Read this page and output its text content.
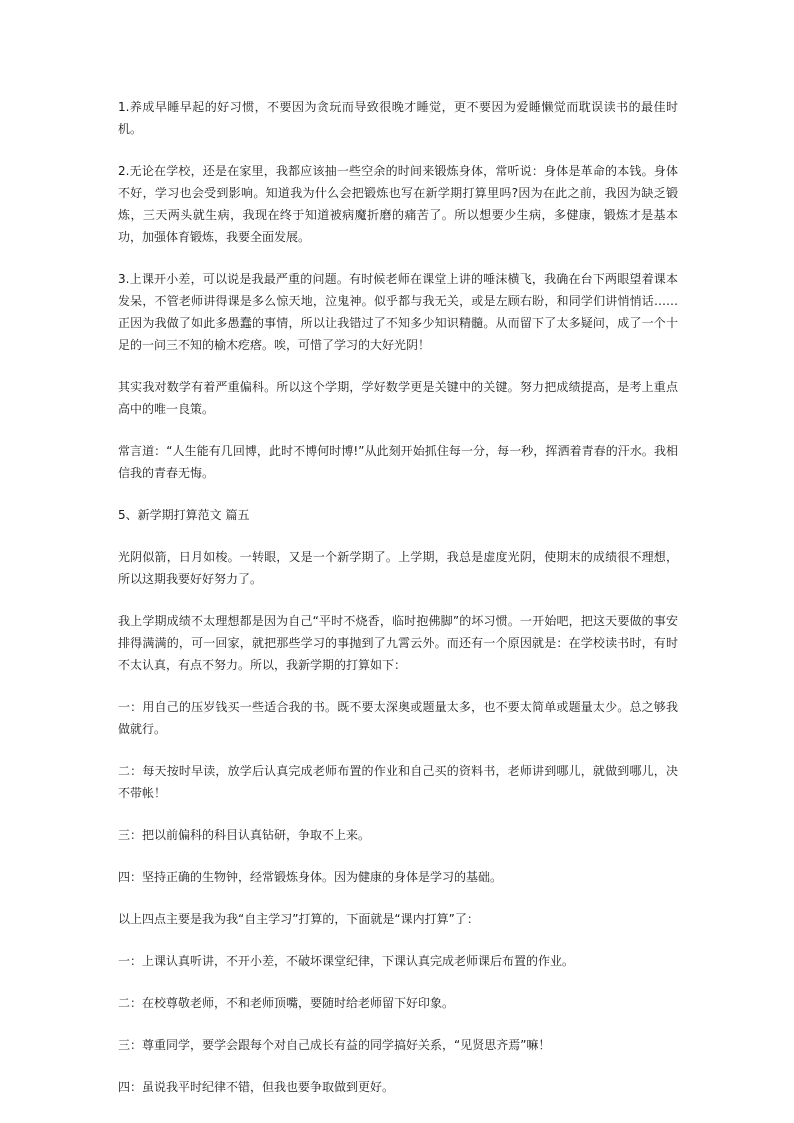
1.养成早睡早起的好习惯，不要因为贪玩而导致很晚才睡觉，更不要因为爱睡懒觉而耽误读书的最佳时机。

2.无论在学校，还是在家里，我都应该抽一些空余的时间来锻炼身体，常听说：身体是革命的本钱。身体不好，学习也会受到影响。知道我为什么会把锻炼也写在新学期打算里吗?因为在此之前，我因为缺乏锻炼，三天两头就生病，我现在终于知道被病魔折磨的痛苦了。所以想要少生病，多健康，锻炼才是基本功，加强体育锻炼，我要全面发展。

3.上课开小差，可以说是我最严重的问题。有时候老师在课堂上讲的唾沫横飞，我确在台下两眼望着课本发呆，不管老师讲得课是多么惊天地，泣鬼神。似乎都与我无关，或是左顾右盼，和同学们讲悄悄话……正因为我做了如此多愚蠢的事情，所以让我错过了不知多少知识精髓。从而留下了太多疑问，成了一个十足的一问三不知的榆木疙瘩。唉，可惜了学习的大好光阴！

其实我对数学有着严重偏科。所以这个学期，学好数学更是关键中的关键。努力把成绩提高，是考上重点高中的唯一良策。

常言道：“人生能有几回博，此时不博何时博!”从此刻开始抓住每一分，每一秒，挥洒着青春的汗水。我相信我的青春无悔。

5、新学期打算范文 篇五

光阴似箭，日月如梭。一转眼，又是一个新学期了。上学期，我总是虚度光阴，使期末的成绩很不理想，所以这期我要好好努力了。

我上学期成绩不太理想都是因为自己“平时不烧香，临时抱佛脚”的坏习惯。一开始吧，把这天要做的事安排得满满的，可一回家，就把那些学习的事抛到了九霄云外。而还有一个原因就是：在学校读书时，有时不太认真，有点不努力。所以，我新学期的打算如下：

一：用自己的压岁钱买一些适合我的书。既不要太深奥或题量太多，也不要太简单或题量太少。总之够我做就行。

二：每天按时早读，放学后认真完成老师布置的作业和自己买的资料书，老师讲到哪儿，就做到哪儿，决不带帐！

三：把以前偏科的科目认真钻研，争取不上来。

四：坚持正确的生物钟，经常锻炼身体。因为健康的身体是学习的基础。

以上四点主要是我为我“自主学习”打算的，下面就是“课内打算”了：

一：上课认真听讲，不开小差，不破坏课堂纪律，下课认真完成老师课后布置的作业。

二：在校尊敬老师，不和老师顶嘴，要随时给老师留下好印象。

三：尊重同学，要学会跟每个对自己成长有益的同学搞好关系，“见贤思齐焉”嘛！

四：虽说我平时纪律不错，但我也要争取做到更好。
